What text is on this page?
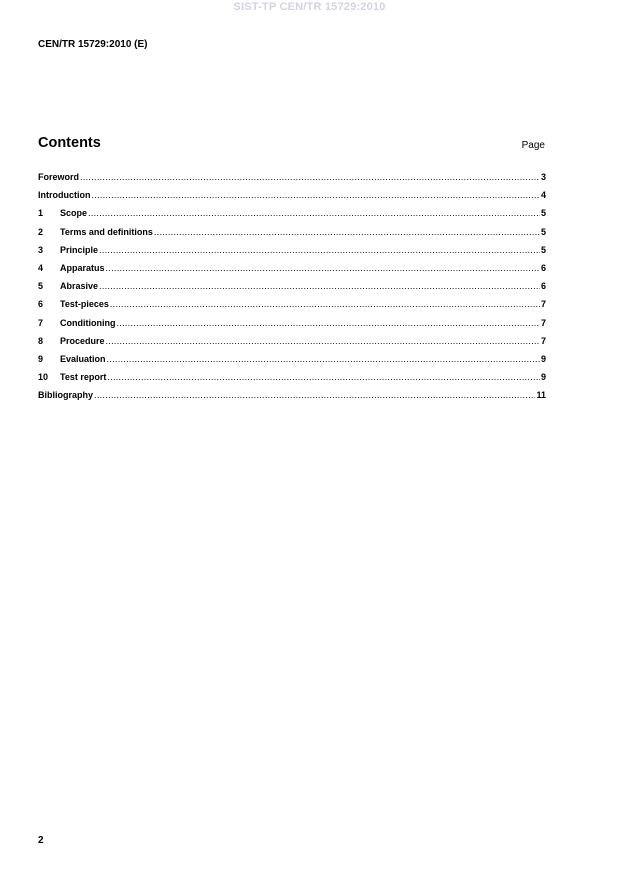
SIST-TP CEN/TR 15729:2010
CEN/TR 15729:2010 (E)
Contents	Page
Foreword .....	3
Introduction .....	4
1	Scope .....	5
2	Terms and definitions .....	5
3	Principle .....	5
4	Apparatus .....	6
5	Abrasive .....	6
6	Test-pieces .....	7
7	Conditioning .....	7
8	Procedure .....	7
9	Evaluation .....	9
10	Test report .....	9
Bibliography .....	11
2
